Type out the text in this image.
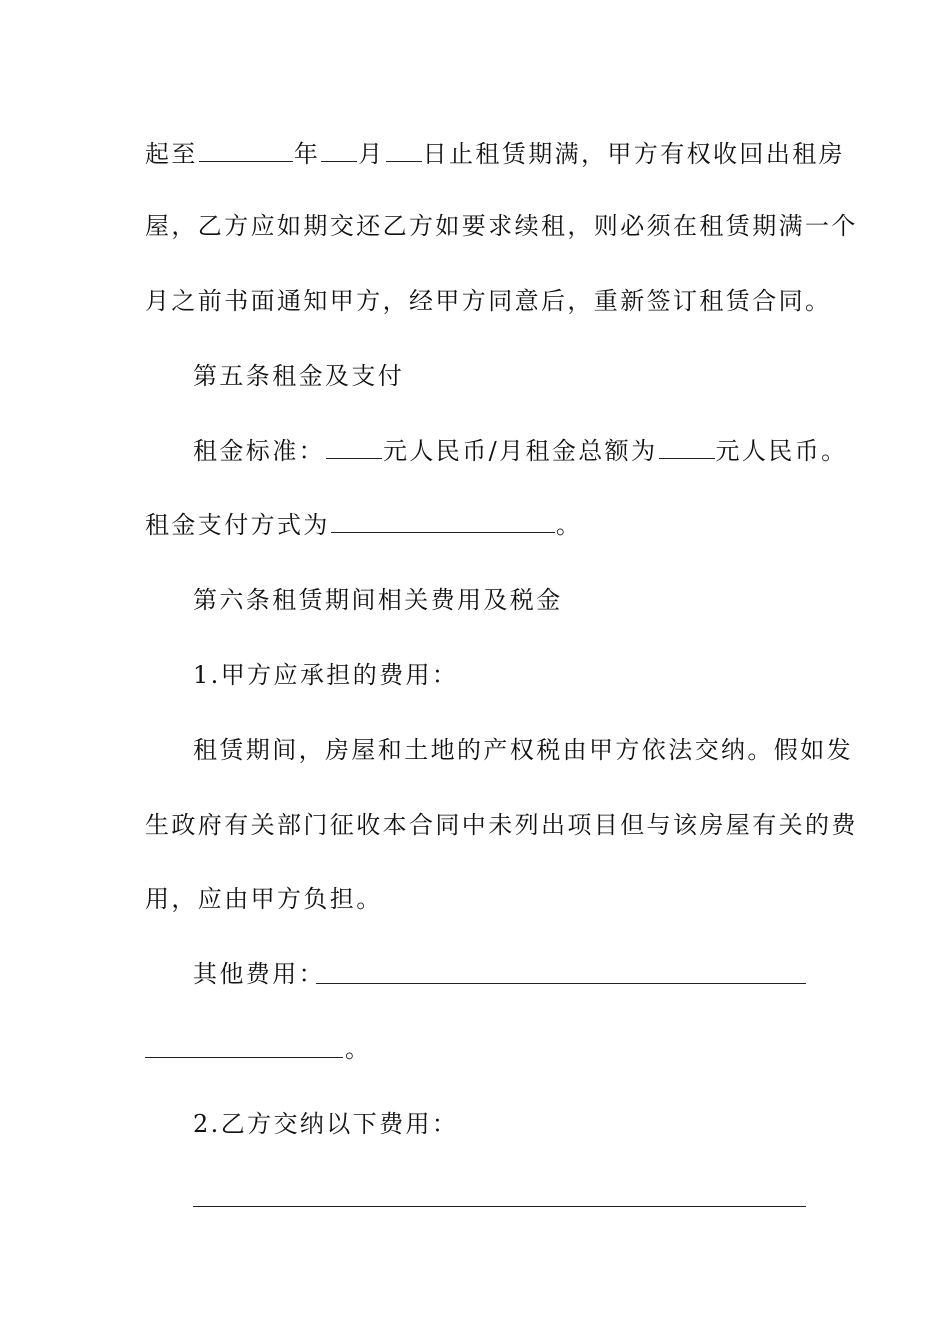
起至	年 月 日止租赁期满，甲方有权收回出租房
屋，乙方应如期交还乙方如要求续租，则必须在租赁期满一个
月之前书面通知甲方，经甲方同意后，重新签订租赁合同。
第五条租金及支付
租金标准： 元人民币/月租金总额为 元人民币。
租金支付方式为	。
第六条租赁期间相关费用及税金
1.甲方应承担的费用：
租赁期间，房屋和土地的产权税由甲方依法交纳。假如发
生政府有关部门征收本合同中未列出项目但与该房屋有关的费
用，应由甲方负担。
其他费用：
。
2.乙方交纳以下费用：
